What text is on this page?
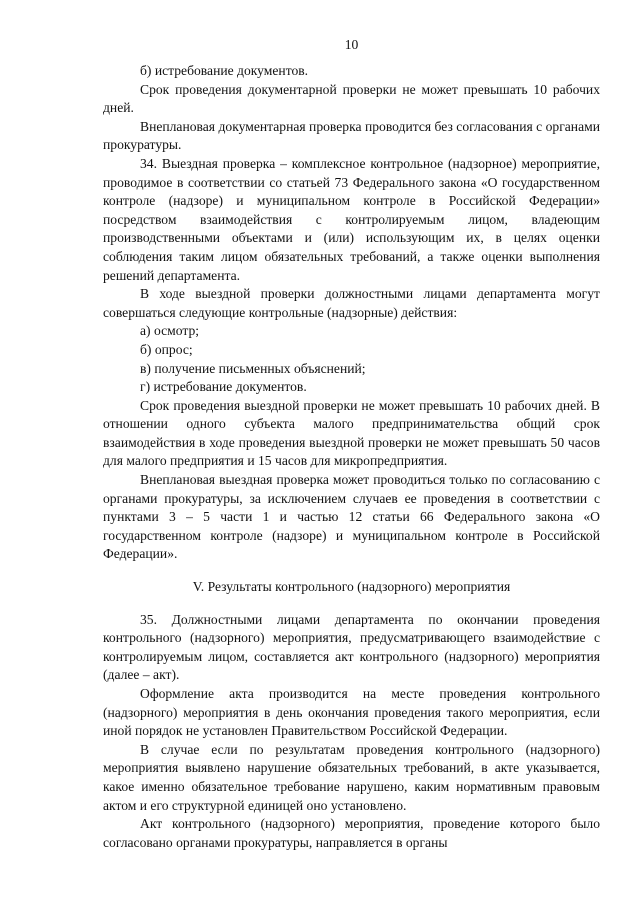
10

б) истребование документов.

Срок проведения документарной проверки не может превышать 10 рабочих дней.

Внеплановая документарная проверка проводится без согласования с органами прокуратуры.

34. Выездная проверка – комплексное контрольное (надзорное) мероприятие, проводимое в соответствии со статьей 73 Федерального закона «О государственном контроле (надзоре) и муниципальном контроле в Российской Федерации» посредством взаимодействия с контролируемым лицом, владеющим производственными объектами и (или) использующим их, в целях оценки соблюдения таким лицом обязательных требований, а также оценки выполнения решений департамента.

В ходе выездной проверки должностными лицами департамента могут совершаться следующие контрольные (надзорные) действия:

а) осмотр;

б) опрос;

в) получение письменных объяснений;

г) истребование документов.

Срок проведения выездной проверки не может превышать 10 рабочих дней. В отношении одного субъекта малого предпринимательства общий срок взаимодействия в ходе проведения выездной проверки не может превышать 50 часов для малого предприятия и 15 часов для микропредприятия.

Внеплановая выездная проверка может проводиться только по согласованию с органами прокуратуры, за исключением случаев ее проведения в соответствии с пунктами 3 – 5 части 1 и частью 12 статьи 66 Федерального закона «О государственном контроле (надзоре) и муниципальном контроле в Российской Федерации».

V. Результаты контрольного (надзорного) мероприятия

35. Должностными лицами департамента по окончании проведения контрольного (надзорного) мероприятия, предусматривающего взаимодействие с контролируемым лицом, составляется акт контрольного (надзорного) мероприятия (далее – акт).

Оформление акта производится на месте проведения контрольного (надзорного) мероприятия в день окончания проведения такого мероприятия, если иной порядок не установлен Правительством Российской Федерации.

В случае если по результатам проведения контрольного (надзорного) мероприятия выявлено нарушение обязательных требований, в акте указывается, какое именно обязательное требование нарушено, каким нормативным правовым актом и его структурной единицей оно установлено.

Акт контрольного (надзорного) мероприятия, проведение которого было согласовано органами прокуратуры, направляется в органы
